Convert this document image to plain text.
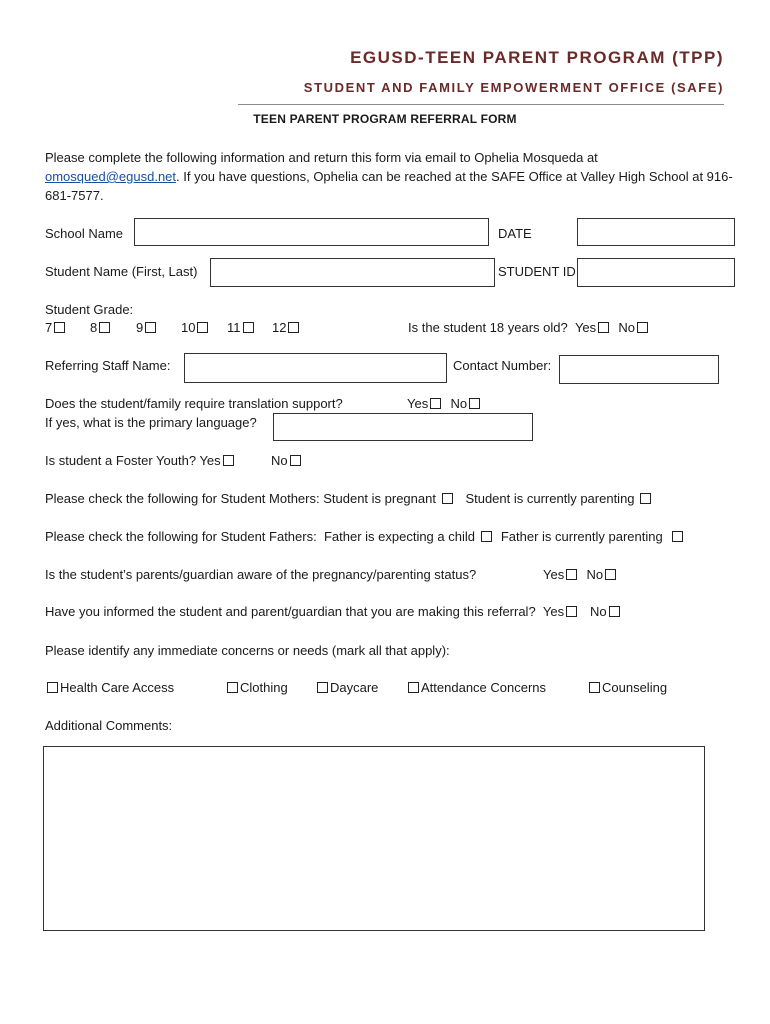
EGUSD-TEEN PARENT PROGRAM (TPP)
STUDENT AND FAMILY EMPOWERMENT OFFICE (SAFE)
TEEN PARENT PROGRAM REFERRAL FORM
Please complete the following information and return this form via email to Ophelia Mosqueda at
omosqued@egusd.net. If you have questions, Ophelia can be reached at the SAFE Office at Valley High School at 916-681-7577.
School Name	DATE
Student Name (First, Last)	STUDENT ID
Student Grade:
7	8	9	10	11	12	Is the student 18 years old? Yes No
Referring Staff Name:	Contact Number:
Does the student/family require translation support?	Yes No
If yes, what is the primary language?
Is student a Foster Youth? Yes	No
Please check the following for Student Mothers: Student is pregnant Student is currently parenting
Please check the following for Student Fathers: Father is expecting a child Father is currently parenting
Is the student’s parents/guardian aware of the pregnancy/parenting status?	Yes No
Have you informed the student and parent/guardian that you are making this referral? Yes No
Please identify any immediate concerns or needs (mark all that apply):
Health Care Access	Clothing	Daycare	Attendance Concerns	Counseling
Additional Comments:
